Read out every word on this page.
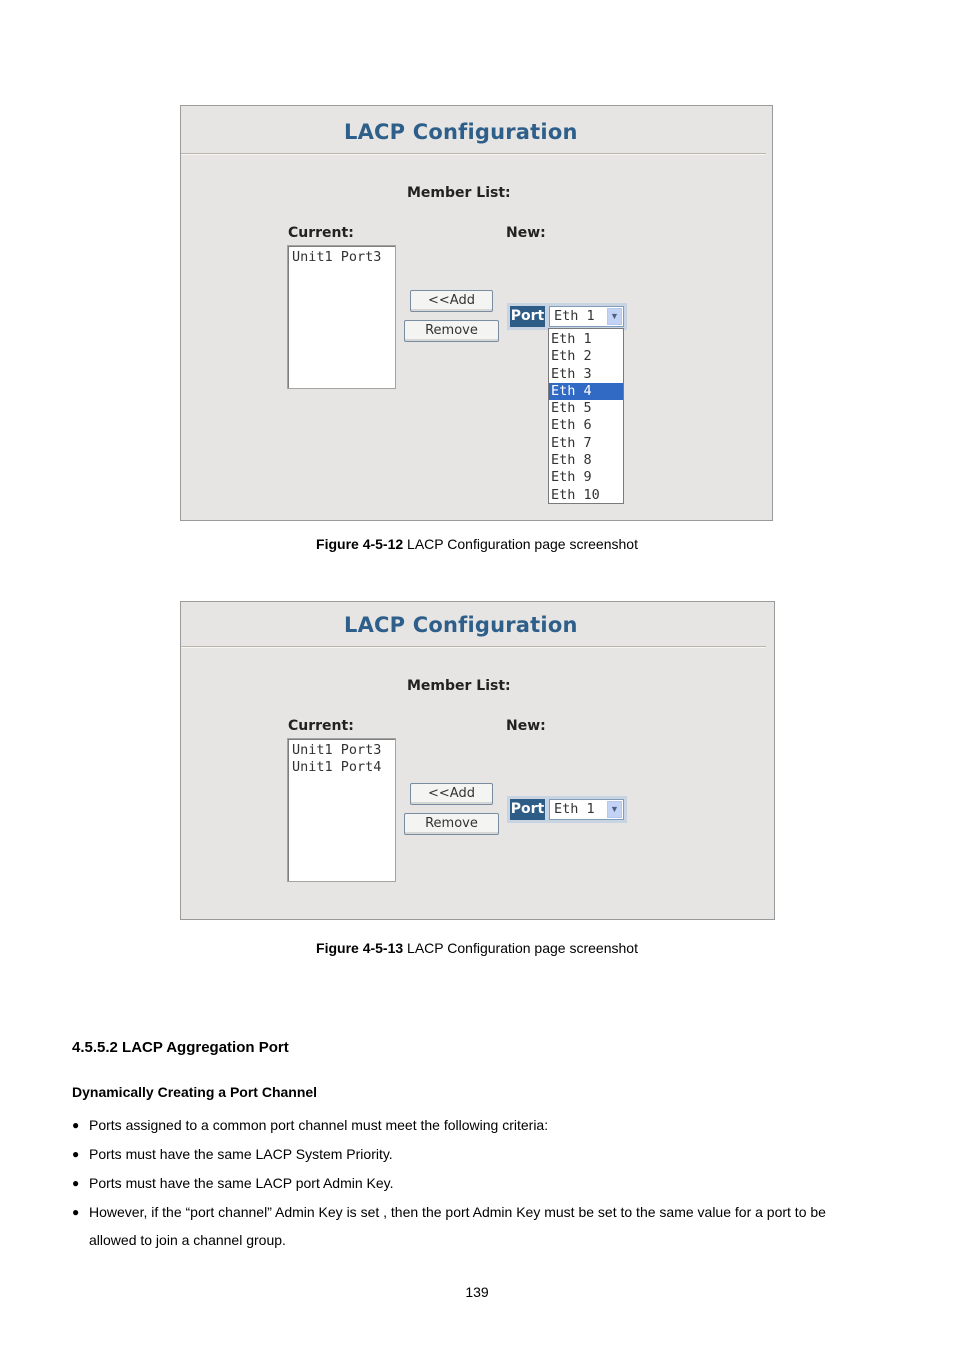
LACP Configuration
Member List:
Current:	New:
Unit1 Port3
<<Add
Remove
Port Eth 1	▼
Eth 1
Eth 2
Eth 3
Eth 4
Eth 5
Eth 6
Eth 7
Eth 8
Eth 9
Eth 10
Figure 4-5-12 LACP Configuration page screenshot
LACP Configuration
Member List:
Current:	New:
Unit1 Port3
Unit1 Port4
<<Add
Remove
Port Eth 1	▼
Figure 4-5-13 LACP Configuration page screenshot
4.5.5.2 LACP Aggregation Port
Dynamically Creating a Port Channel
● Ports assigned to a common port channel must meet the following criteria:
● Ports must have the same LACP System Priority.
● Ports must have the same LACP port Admin Key.
● However, if the “port channel” Admin Key is set , then the port Admin Key must be set to the same value for a port to be allowed to join a channel group.
139
